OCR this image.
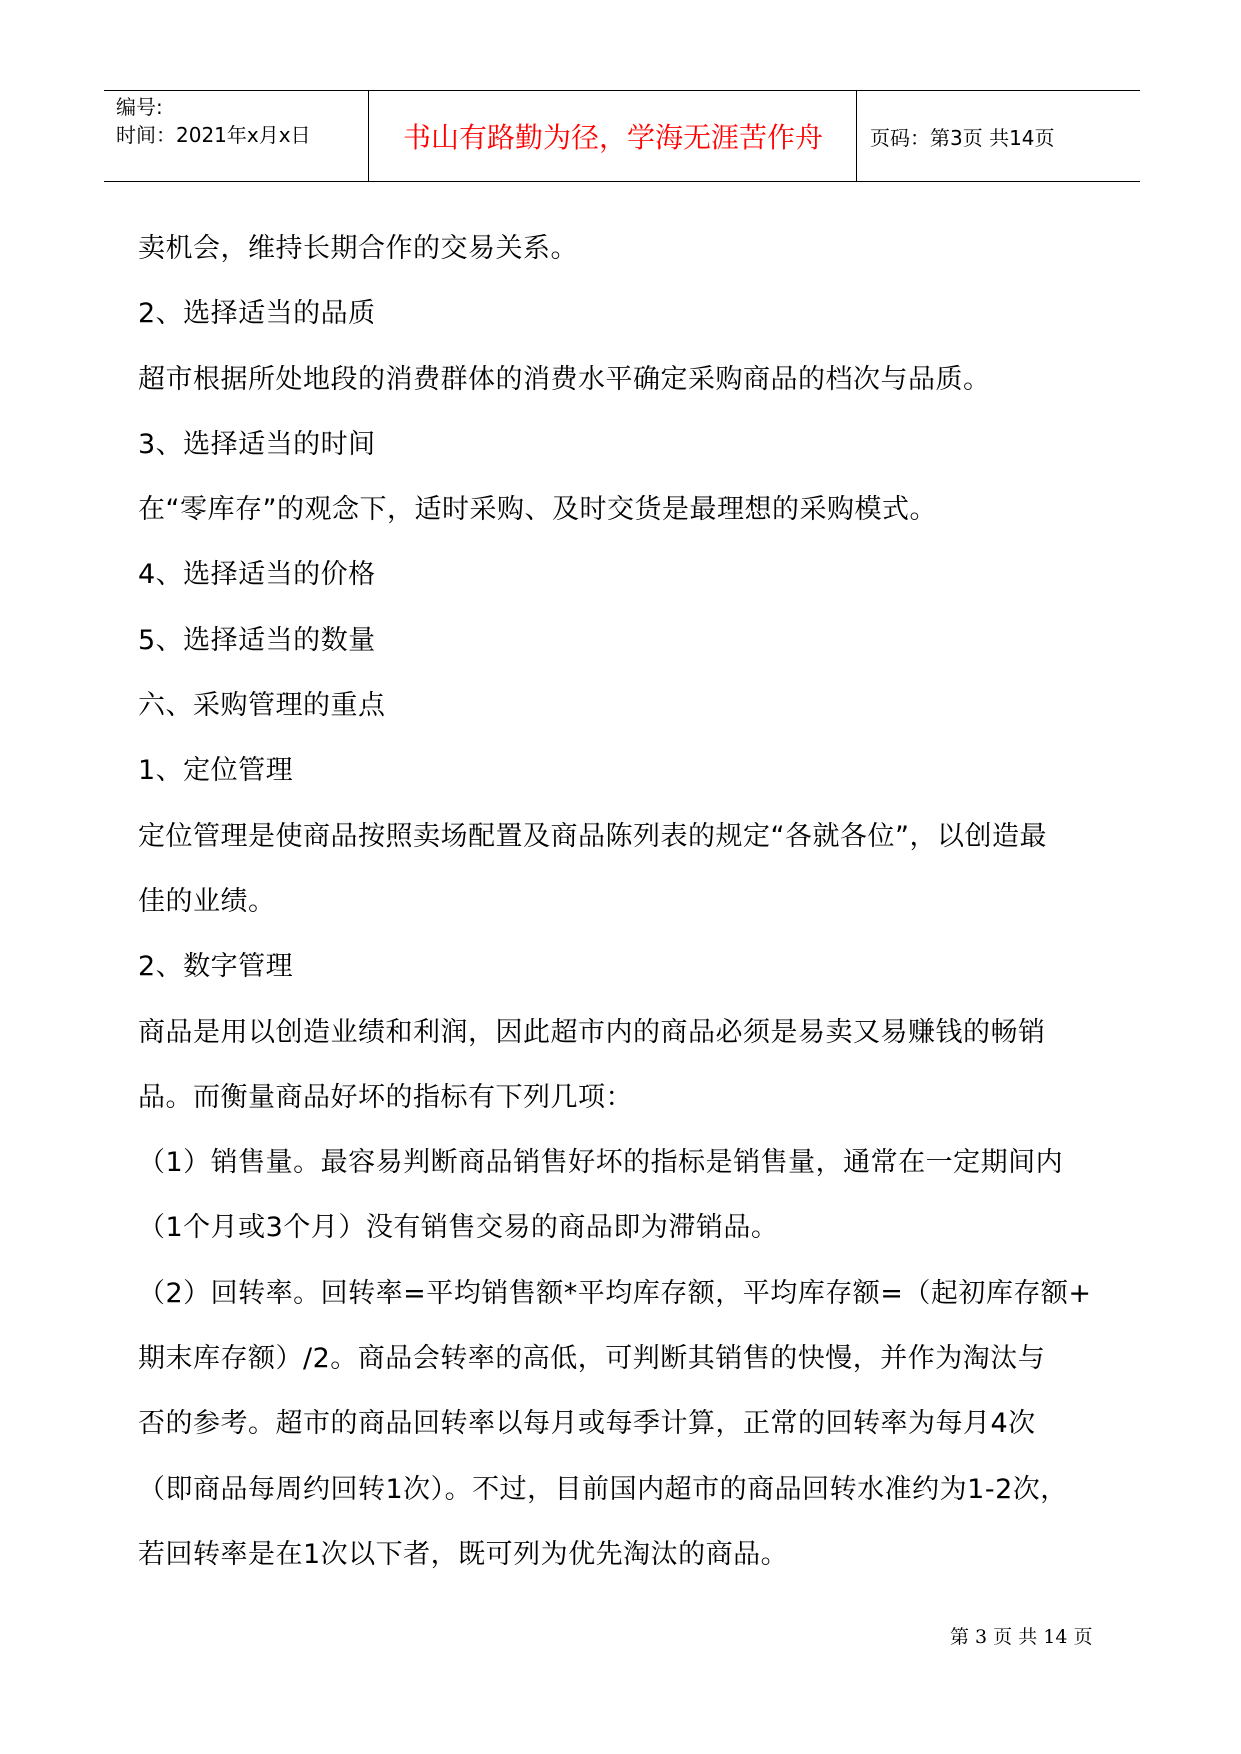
编号:
时间：2021年x月x日	书山有路勤为径，学海无涯苦作舟	页码：第3页 共14页
卖机会，维持长期合作的交易关系。
2、选择适当的品质
超市根据所处地段的消费群体的消费水平确定采购商品的档次与品质。
3、选择适当的时间
在“零库存”的观念下，适时采购、及时交货是最理想的采购模式。
4、选择适当的价格
5、选择适当的数量
六、采购管理的重点
1、定位管理
定位管理是使商品按照卖场配置及商品陈列表的规定“各就各位”，以创造最
佳的业绩。
2、数字管理
商品是用以创造业绩和利润，因此超市内的商品必须是易卖又易赚钱的畅销
品。而衡量商品好坏的指标有下列几项：
（1）销售量。最容易判断商品销售好坏的指标是销售量，通常在一定期间内
（1个月或3个月）没有销售交易的商品即为滞销品。
（2）回转率。回转率=平均销售额*平均库存额，平均库存额=（起初库存额+
期末库存额）/2。商品会转率的高低，可判断其销售的快慢，并作为淘汰与
否的参考。超市的商品回转率以每月或每季计算，正常的回转率为每月4次
（即商品每周约回转1次）。不过，目前国内超市的商品回转水准约为1-2次，
若回转率是在1次以下者，既可列为优先淘汰的商品。
第 3 页 共 14 页
